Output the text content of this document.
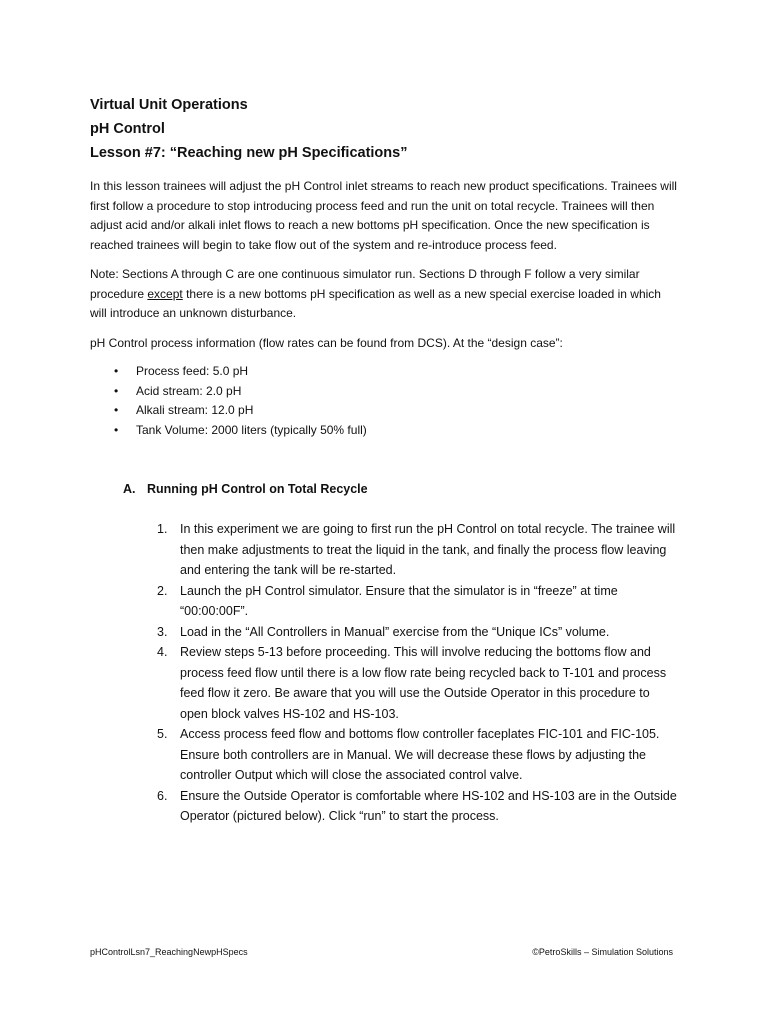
Virtual Unit Operations

pH Control

Lesson #7: “Reaching new pH Specifications”

In this lesson trainees will adjust the pH Control inlet streams to reach new product specifications. Trainees will first follow a procedure to stop introducing process feed and run the unit on total recycle. Trainees will then adjust acid and/or alkali inlet flows to reach a new bottoms pH specification. Once the new specification is reached trainees will begin to take flow out of the system and re-introduce process feed.

Note: Sections A through C are one continuous simulator run. Sections D through F follow a very similar procedure except there is a new bottoms pH specification as well as a new special exercise loaded in which will introduce an unknown disturbance.

pH Control process information (flow rates can be found from DCS). At the “design case”:

• Process feed: 5.0 pH
• Acid stream: 2.0 pH
• Alkali stream: 12.0 pH
• Tank Volume: 2000 liters (typically 50% full)
A. Running pH Control on Total Recycle
1. In this experiment we are going to first run the pH Control on total recycle. The trainee will then make adjustments to treat the liquid in the tank, and finally the process flow leaving and entering the tank will be re-started.
2. Launch the pH Control simulator. Ensure that the simulator is in “freeze” at time “00:00:00F”.
3. Load in the “All Controllers in Manual” exercise from the “Unique ICs” volume.
4. Review steps 5-13 before proceeding. This will involve reducing the bottoms flow and process feed flow until there is a low flow rate being recycled back to T-101 and process feed flow it zero. Be aware that you will use the Outside Operator in this procedure to open block valves HS-102 and HS-103.
5. Access process feed flow and bottoms flow controller faceplates FIC-101 and FIC-105. Ensure both controllers are in Manual. We will decrease these flows by adjusting the controller Output which will close the associated control valve.
6. Ensure the Outside Operator is comfortable where HS-102 and HS-103 are in the Outside Operator (pictured below). Click “run” to start the process.
pHControlLsn7_ReachingNewpHSpecs	©PetroSkills – Simulation Solutions
